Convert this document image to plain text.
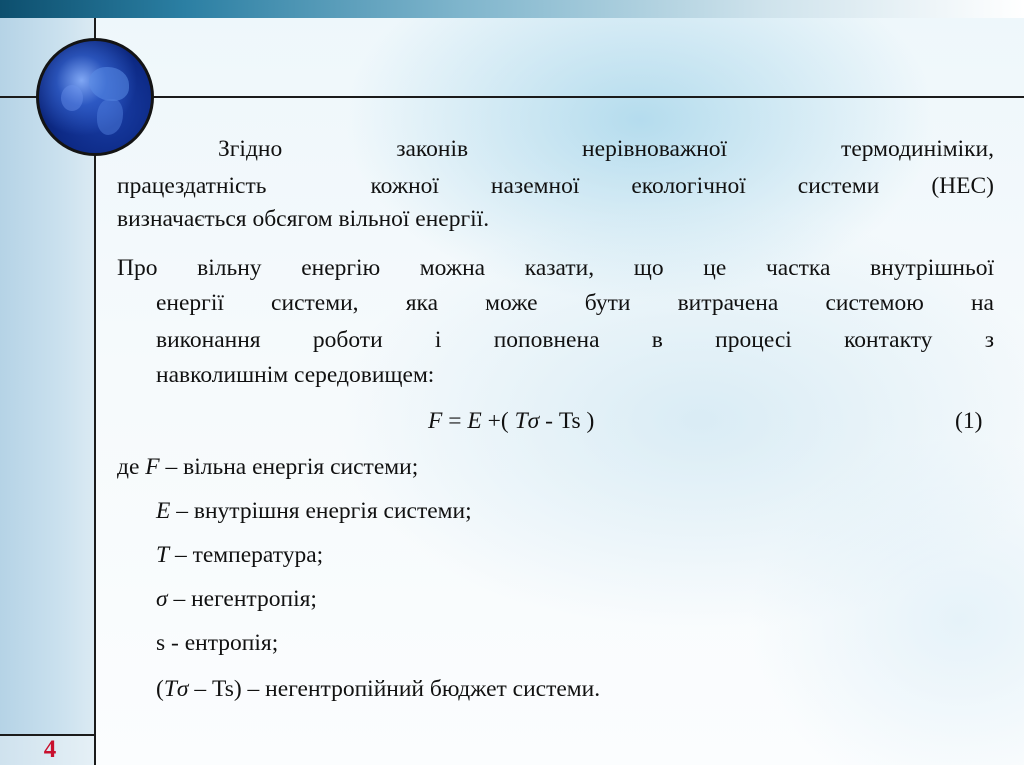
4
Згідно законів нерівноважної термодиніміки,
працездатність  кожної наземної екологічної системи (НЕС)
визначається обсягом вільної енергії.
Про вільну енергію можна казати, що це частка внутрішньої
енергії системи, яка може бути витрачена системою на
виконання роботи і поповнена в процесі контакту з
навколишнім середовищем:
F = E +( Tσ - Ts )	(1)
де F – вільна енергія системи;
E – внутрішня енергія системи;
T – температура;
σ – негентропія;
s - ентропія;
(Tσ – Ts) – негентропійний бюджет системи.
